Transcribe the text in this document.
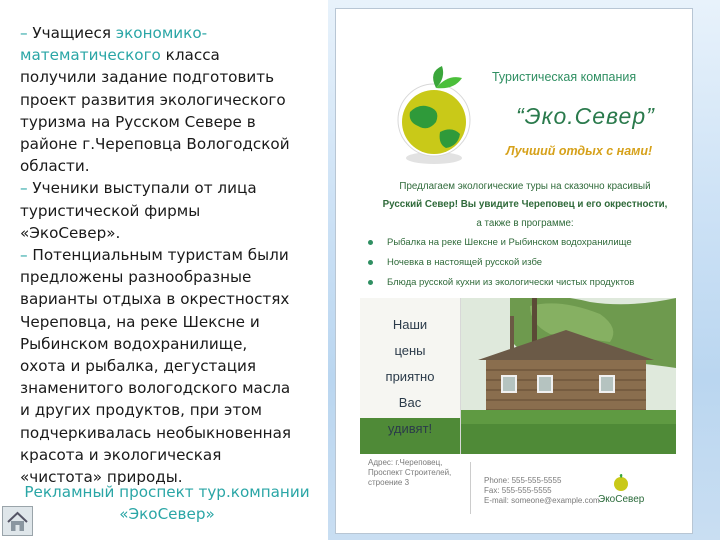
– Учащиеся экономико-
математического класса
получили задание подготовить
проект развития экологического
туризма на Русском Севере в
районе г.Череповца Вологодской
области.

– Ученики выступали от лица
туристической фирмы
«ЭкоСевер».

– Потенциальным туристам были
предложены разнообразные
варианты отдыха в окрестностях
Череповца, на реке Шексне и
Рыбинском водохранилище,
охота и рыбалка, дегустация
знаменитого вологодского масла
и других продуктов, при этом
подчеркивалась необыкновенная
красота и экологическая
«чистота» природы.

Рекламный проспект тур.компании
«ЭкоСевер»
Туристическая компания
“Эко.Север”
Лучший отдых с нами!
Предлагаем экологические туры на сказочно красивый
Русский Север! Вы увидите Череповец и его окрестности,
а также в программе:
Рыбалка на реке Шексне и Рыбинском водохранилище
Ночевка в настоящей русской избе
Блюда русской кухни из экологически чистых продуктов
Наши
цены
приятно
Вас
удивят!
Адрес: г.Череповец,
Проспект Строителей,
строение 3	Phone: 555-555-5555
Fax: 555-555-5555
E-mail: someone@example.com
ЭкоСевер
